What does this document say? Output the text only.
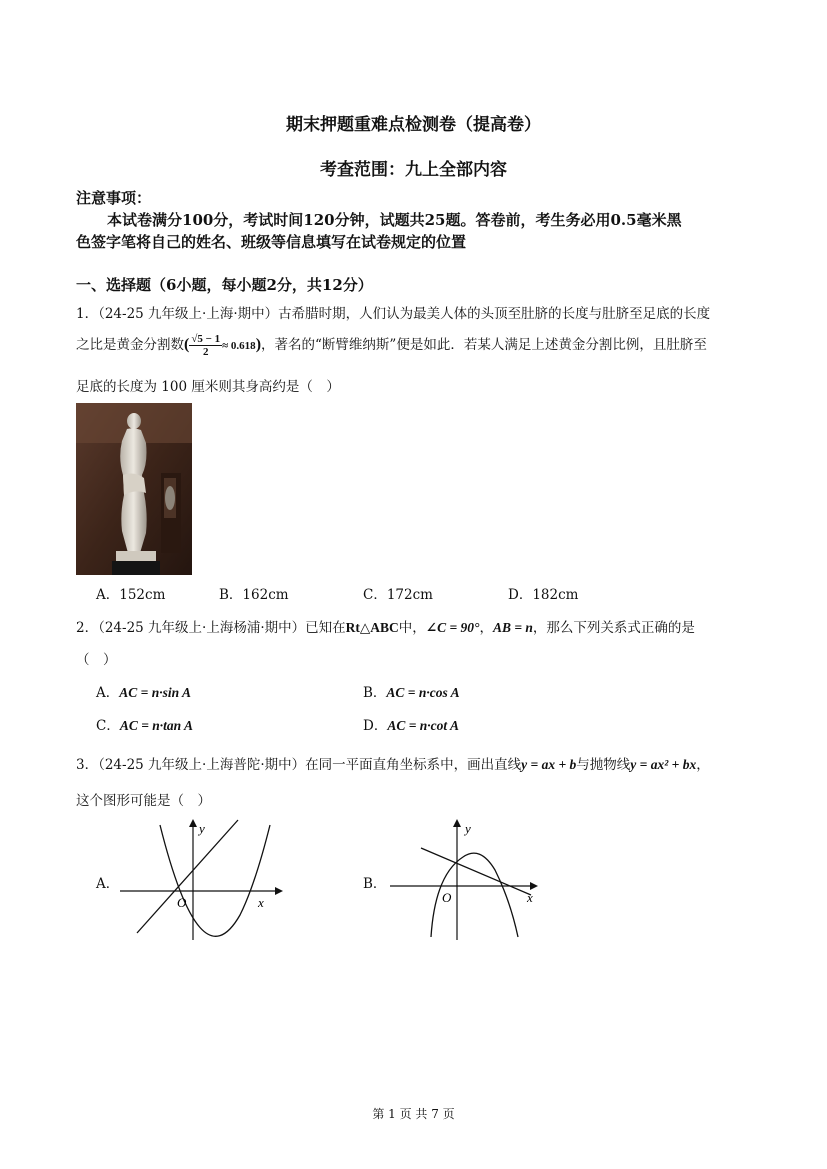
期末押题重难点检测卷（提高卷）
考查范围：九上全部内容
注意事项：
本试卷满分100分，考试时间120分钟，试题共25题。答卷前，考生务必用0.5毫米黑
色签字笔将自己的姓名、班级等信息填写在试卷规定的位置
一、选择题（6小题，每小题2分，共12分）
1．（24-25 九年级上·上海·期中）古希腊时期，人们认为最美人体的头顶至肚脐的长度与肚脐至足底的长度
之比是黄金分割数( $\frac{√5 - 1}{2} \approx 0.618$)，著名的“断臂维纳斯”便是如此．若某人满足上述黄金分割比例，且肚脐至
足底的长度为 100 厘米则其身高约是（　）
A．152cm	B．162cm	C．172cm	D．182cm
2．（24-25 九年级上·上海杨浦·期中）已知在Rt△ABC中，∠C = 90°，AB = n，那么下列关系式正确的是
（　）
A．AC = n·sin A	B．AC = n·cos A
C．AC = n·tan A	D．AC = n·cot A
3．（24-25 九年级上·上海普陀·期中）在同一平面直角坐标系中，画出直线y = ax + b与抛物线y = ax² + bx，
这个图形可能是（　）
A．
y
x
O
B．
y
x
O
第 1 页 共 7 页
